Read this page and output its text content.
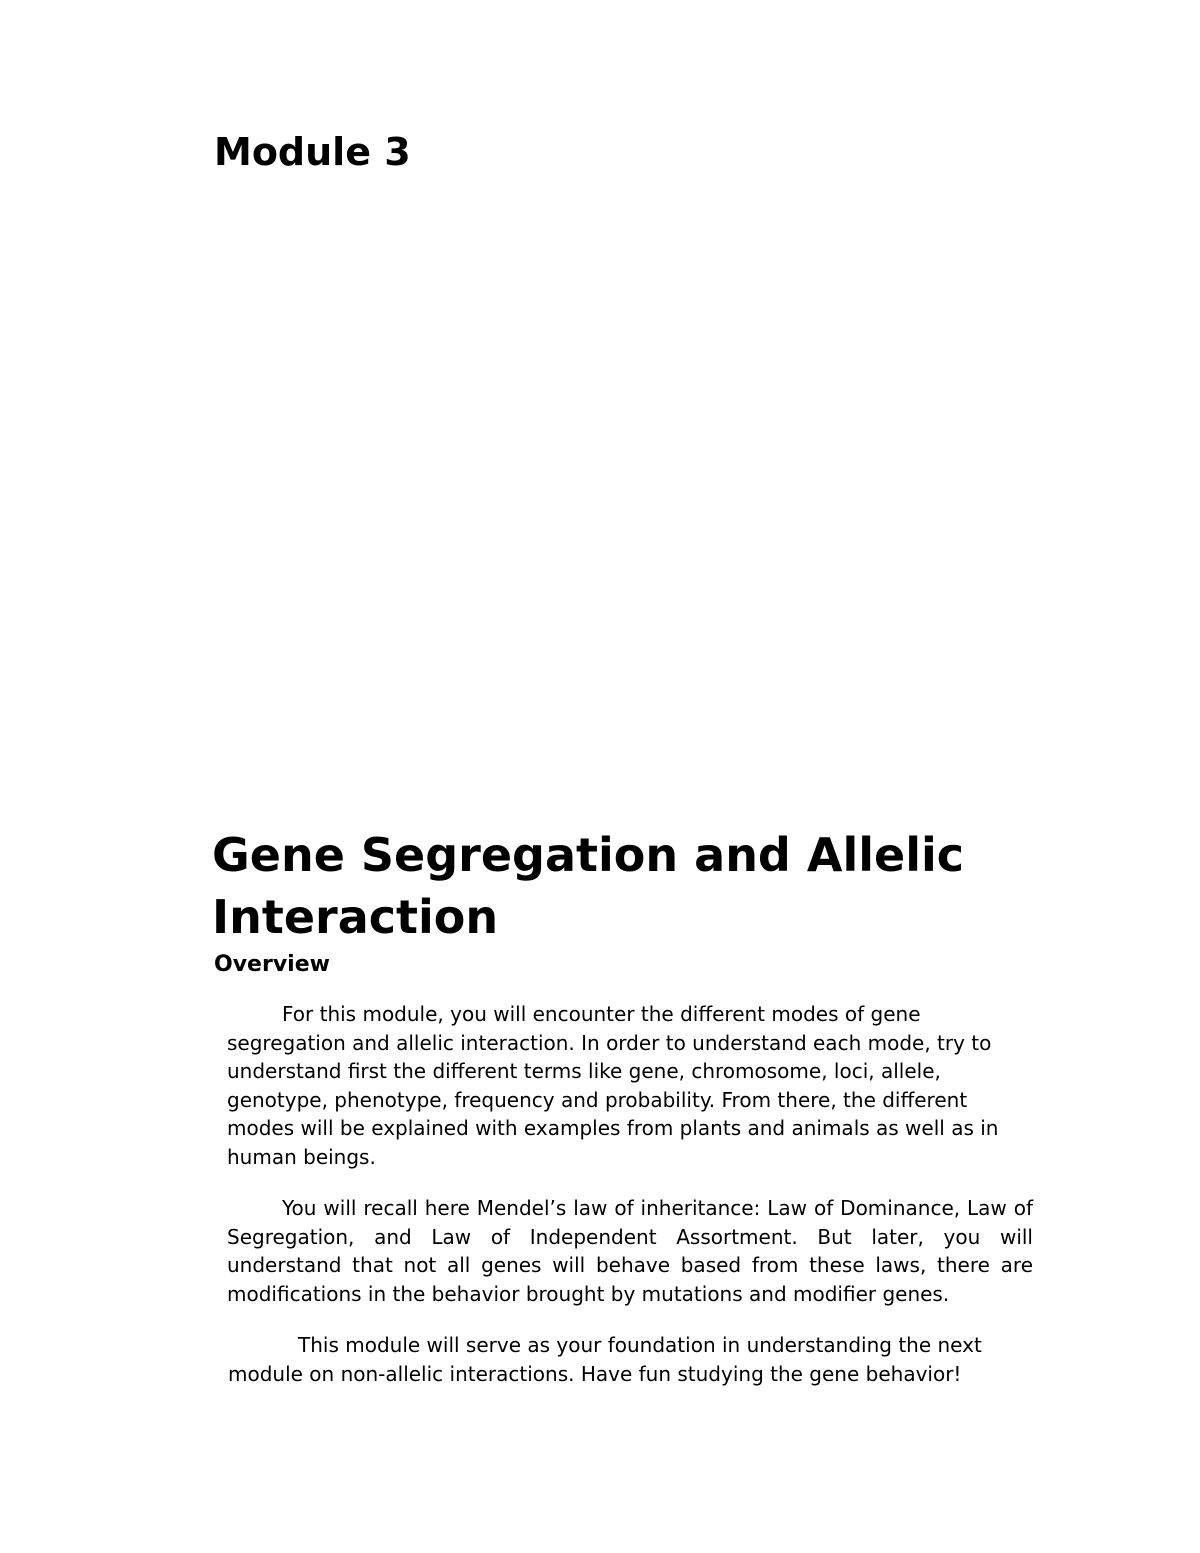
Module 3
Gene Segregation and Allelic Interaction
Overview

For this module, you will encounter the different modes of gene segregation and allelic interaction. In order to understand each mode, try to understand first the different terms like gene, chromosome, loci, allele, genotype, phenotype, frequency and probability. From there, the different modes will be explained with examples from plants and animals as well as in human beings.

You will recall here Mendel’s law of inheritance: Law of Dominance, Law of Segregation, and Law of Independent Assortment. But later, you will understand that not all genes will behave based from these laws, there are modifications in the behavior brought by mutations and modifier genes.

This module will serve as your foundation in understanding the next module on non-allelic interactions. Have fun studying the gene behavior!
